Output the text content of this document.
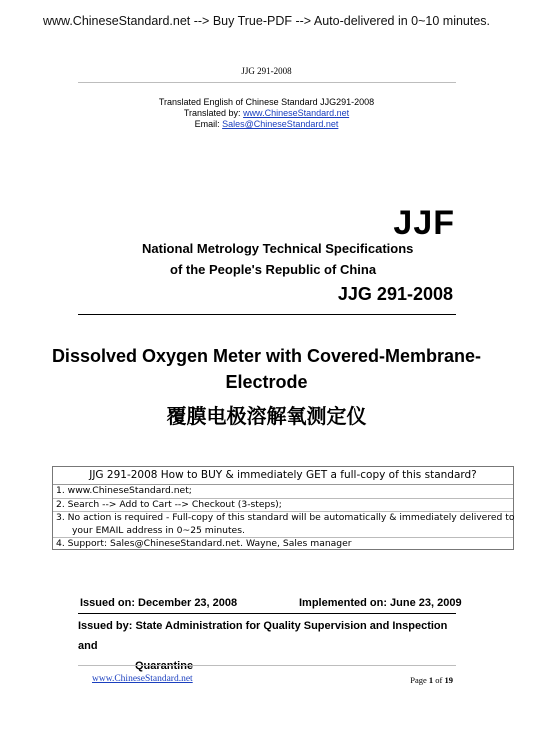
www.ChineseStandard.net --> Buy True-PDF --> Auto-delivered in 0~10 minutes.
JJG 291-2008
Translated English of Chinese Standard JJG291-2008
Translated by: www.ChineseStandard.net
Email: Sales@ChineseStandard.net
JJF
National Metrology Technical Specifications
of the People's Republic of China
JJG 291-2008
Dissolved Oxygen Meter with Covered-Membrane-
Electrode
覆膜电极溶解氧测定仪
JJG 291-2008 How to BUY & immediately GET a full-copy of this standard?
1. www.ChineseStandard.net;
2. Search --> Add to Cart --> Checkout (3-steps);
3. No action is required - Full-copy of this standard will be automatically & immediately delivered to
your EMAIL address in 0~25 minutes.
4. Support: Sales@ChineseStandard.net. Wayne, Sales manager
Issued on: December 23, 2008	Implemented on: June 23, 2009
Issued by: State Administration for Quality Supervision and Inspection and
Quarantine
www.ChineseStandard.net	Page 1 of 19
